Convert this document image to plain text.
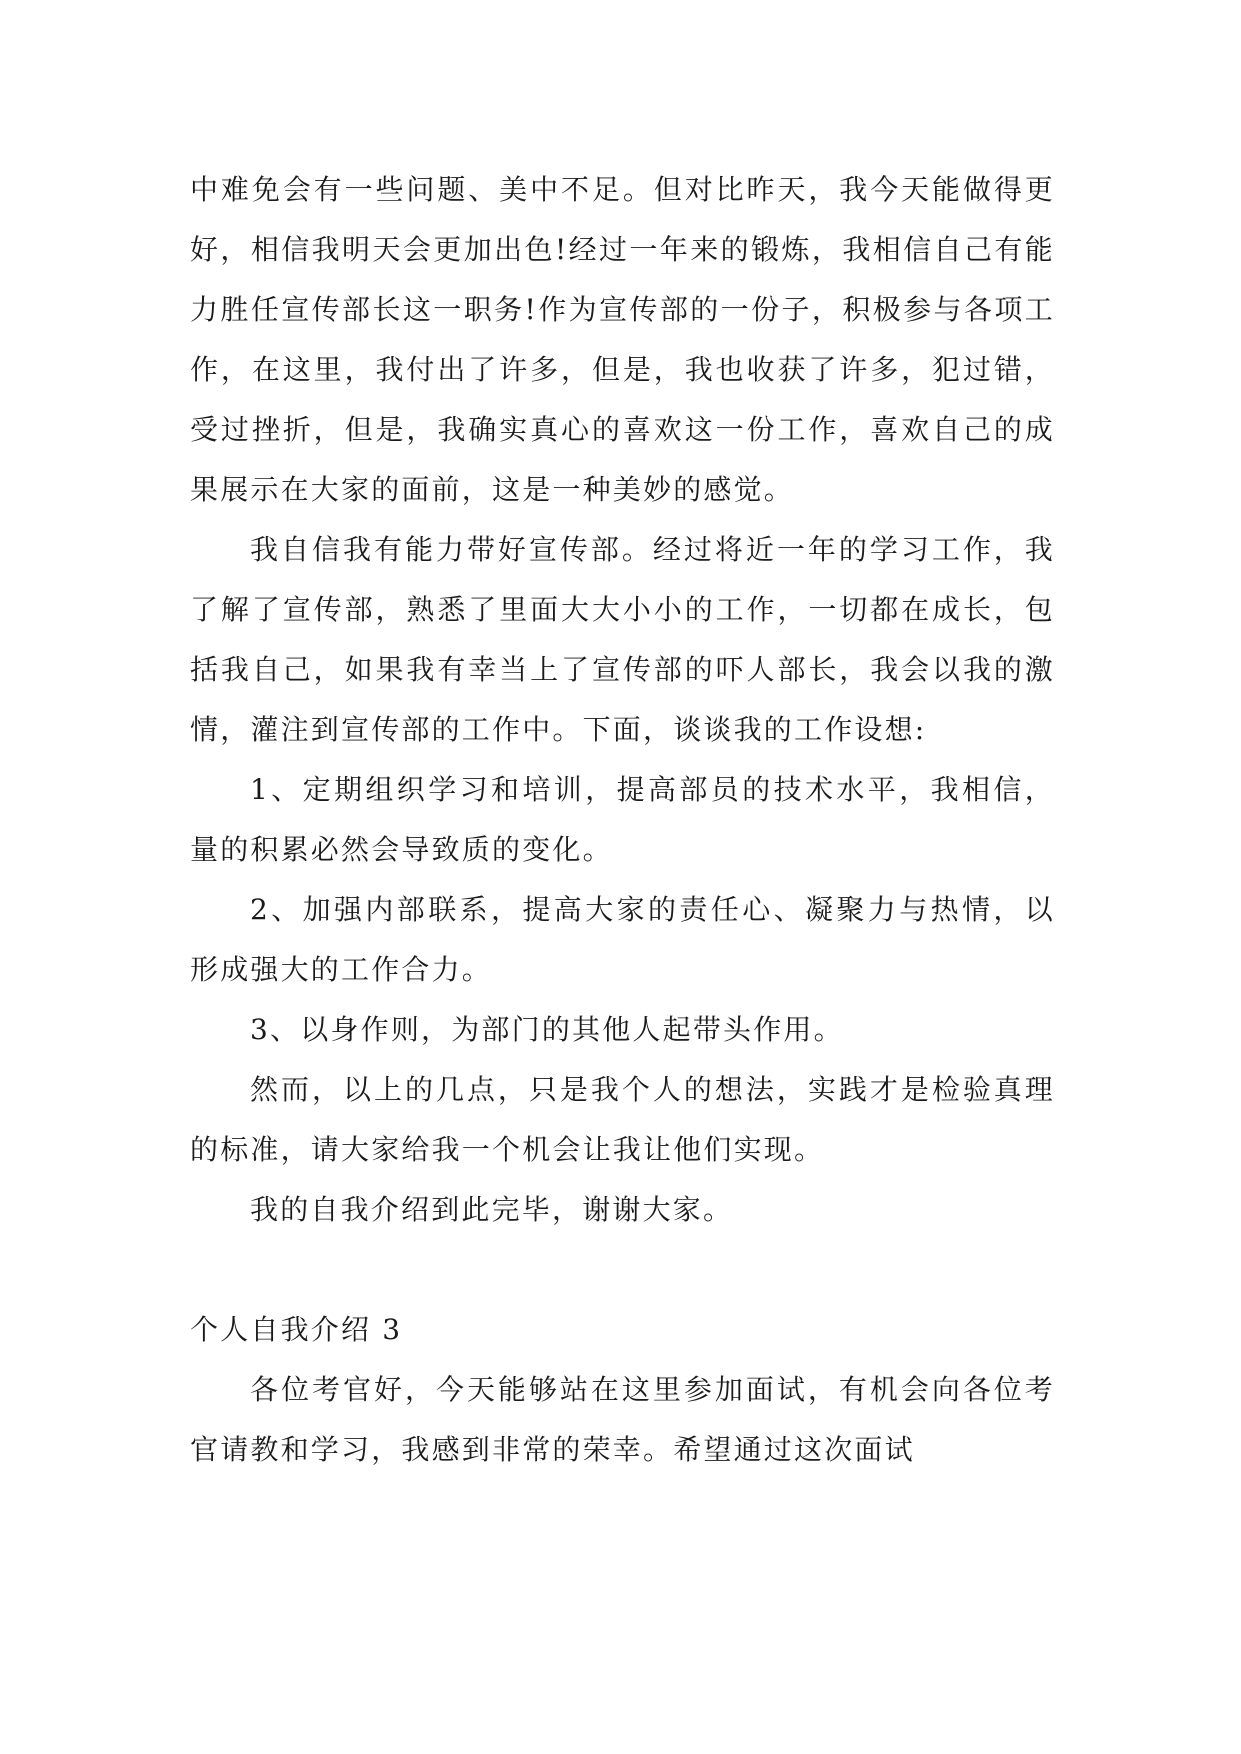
中难免会有一些问题、美中不足。但对比昨天，我今天能做得更好，相信我明天会更加出色!经过一年来的锻炼，我相信自己有能力胜任宣传部长这一职务!作为宣传部的一份子，积极参与各项工作，在这里，我付出了许多，但是，我也收获了许多，犯过错，受过挫折，但是，我确实真心的喜欢这一份工作，喜欢自己的成果展示在大家的面前，这是一种美妙的感觉。

我自信我有能力带好宣传部。经过将近一年的学习工作，我了解了宣传部，熟悉了里面大大小小的工作，一切都在成长，包括我自己，如果我有幸当上了宣传部的吓人部长，我会以我的激情，灌注到宣传部的工作中。下面，谈谈我的工作设想:

1、定期组织学习和培训，提高部员的技术水平，我相信，量的积累必然会导致质的变化。

2、加强内部联系，提高大家的责任心、凝聚力与热情，以形成强大的工作合力。

3、以身作则，为部门的其他人起带头作用。

然而，以上的几点，只是我个人的想法，实践才是检验真理的标准，请大家给我一个机会让我让他们实现。

我的自我介绍到此完毕，谢谢大家。

个人自我介绍 3

各位考官好，今天能够站在这里参加面试，有机会向各位考官请教和学习，我感到非常的荣幸。希望通过这次面试
